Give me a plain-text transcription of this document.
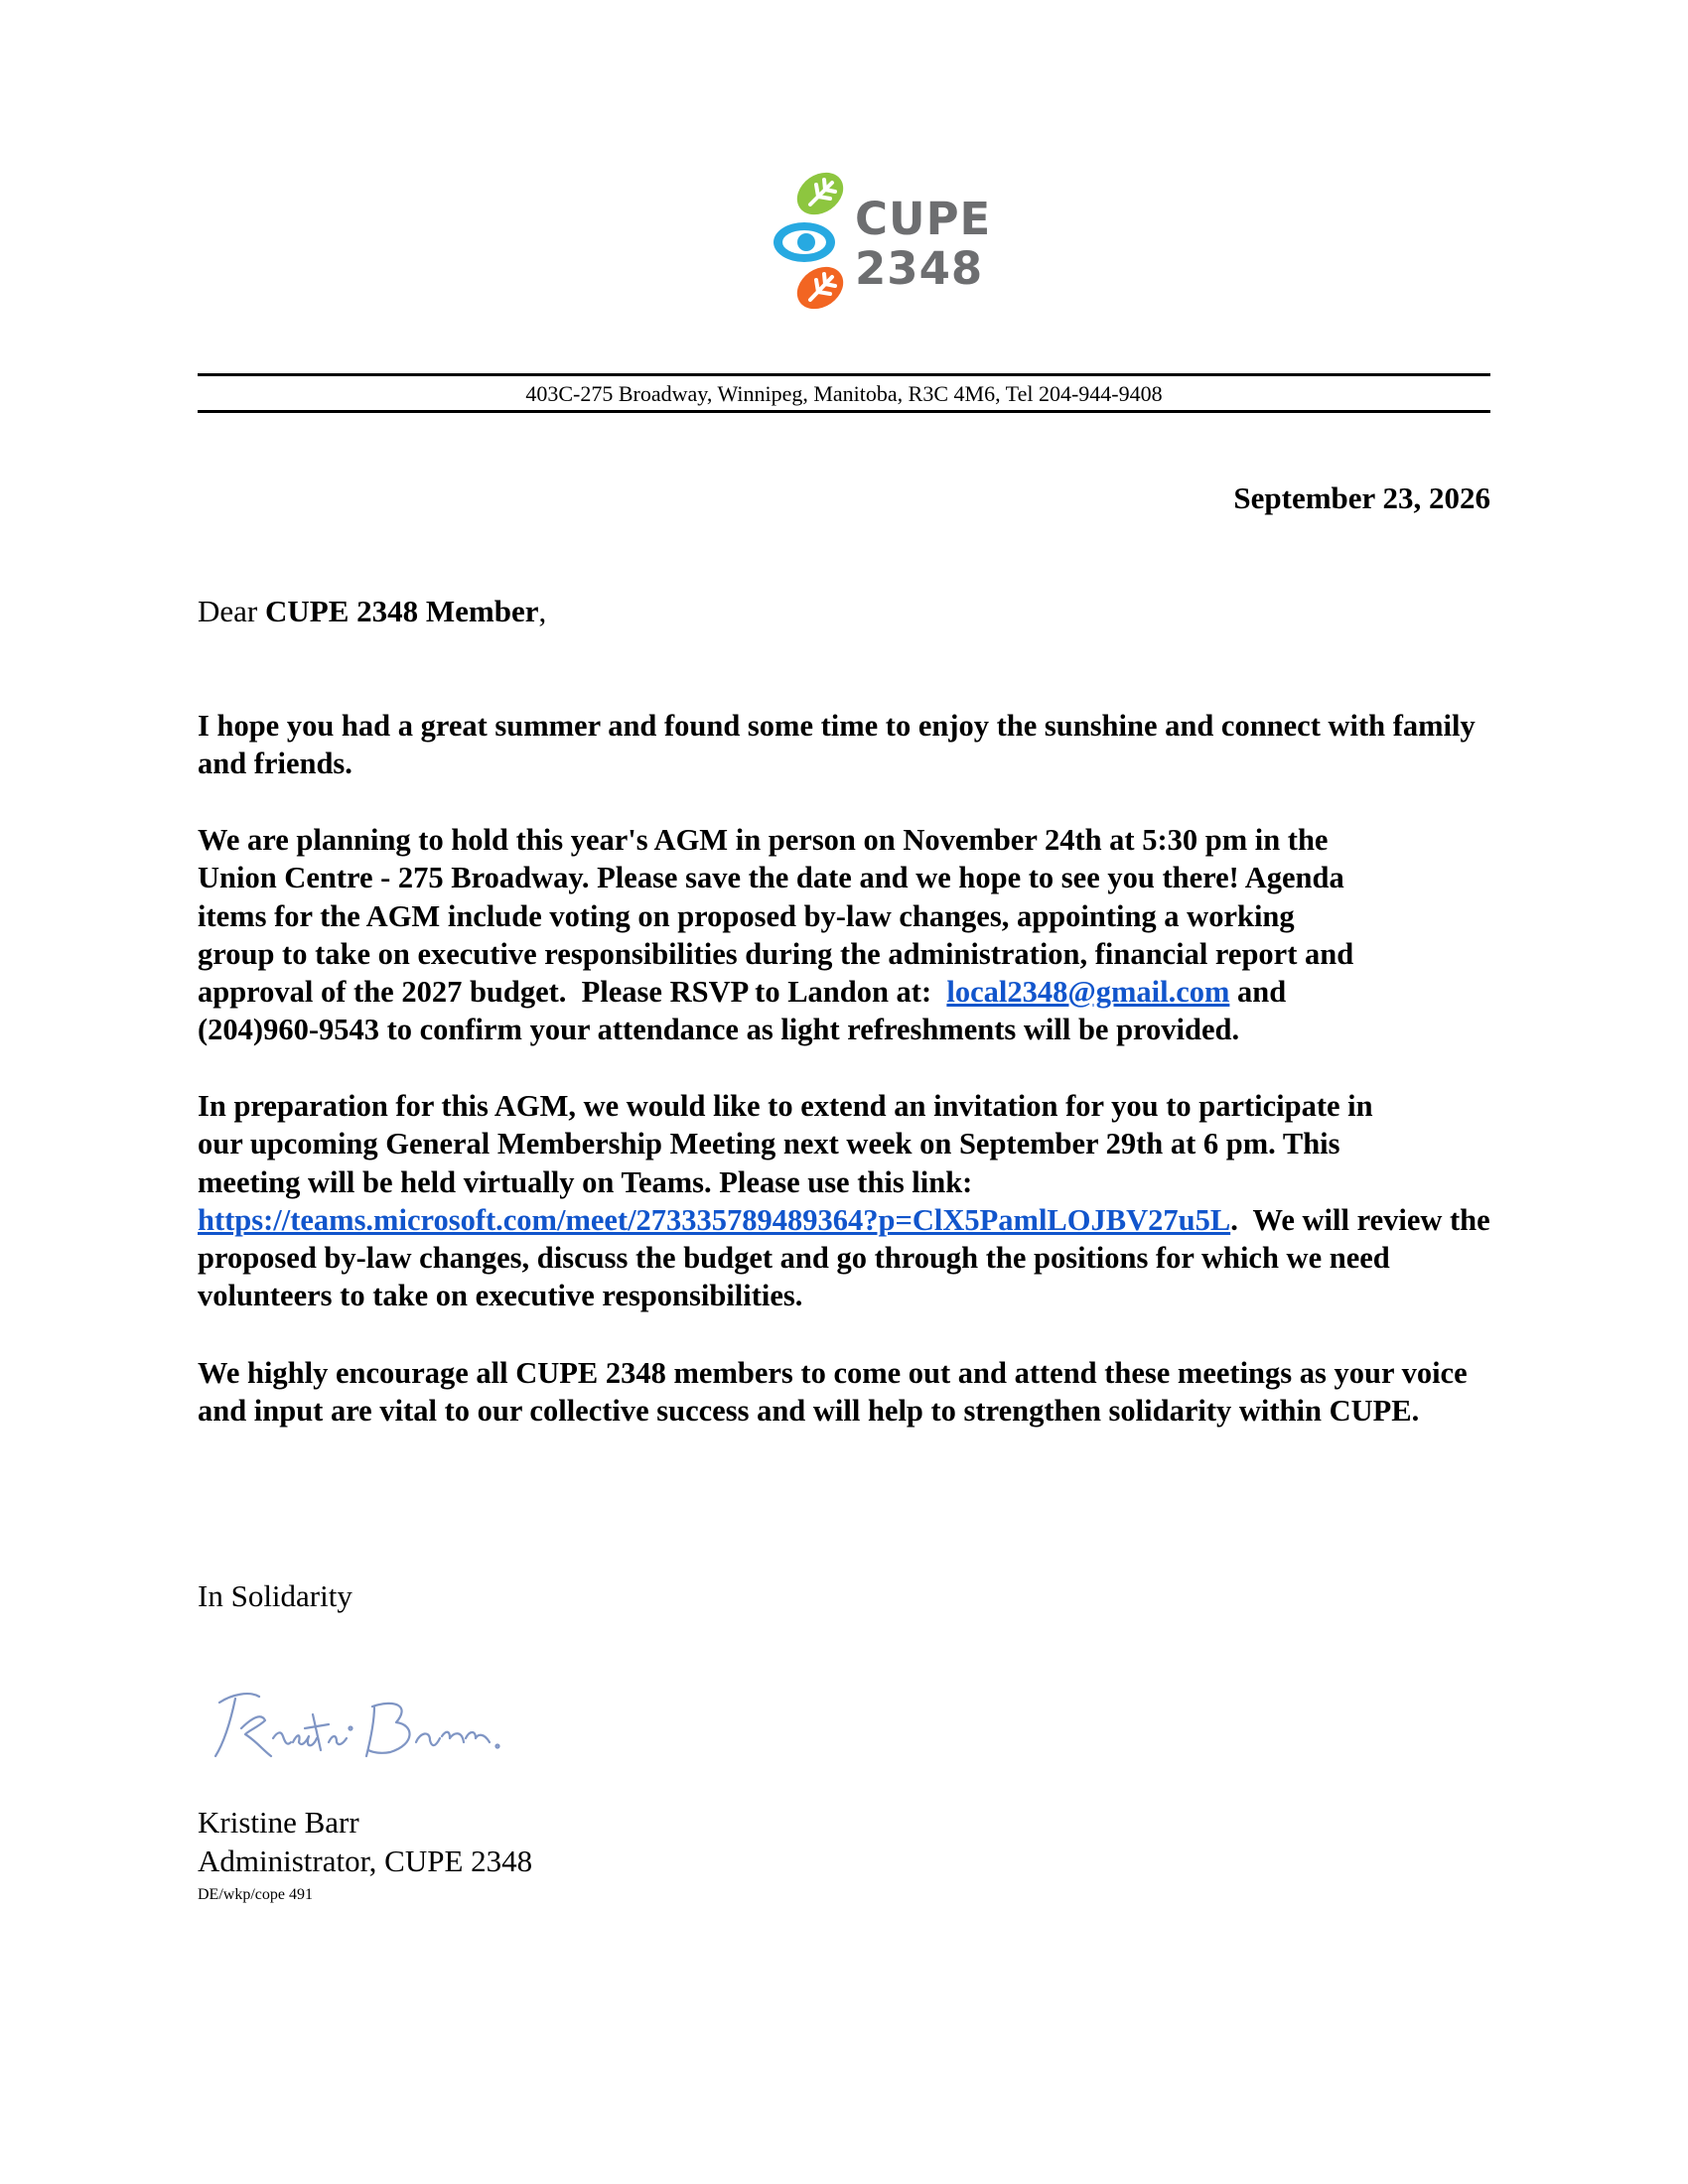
CUPE
2348
403C-275 Broadway, Winnipeg, Manitoba, R3C 4M6, Tel 204-944-9408
September 23, 2026
Dear CUPE 2348 Member,

I hope you had a great summer and found some time to enjoy the sunshine and connect with family and friends.

We are planning to hold this year's AGM in person on November 24th at 5:30 pm in the
Union Centre - 275 Broadway. Please save the date and we hope to see you there! Agenda
items for the AGM include voting on proposed by-law changes, appointing a working
group to take on executive responsibilities during the administration, financial report and
approval of the 2027 budget.  Please RSVP to Landon at:  local2348@gmail.com and
(204)960-9543 to confirm your attendance as light refreshments will be provided.

In preparation for this AGM, we would like to extend an invitation for you to participate in
our upcoming General Membership Meeting next week on September 29th at 6 pm. This
meeting will be held virtually on Teams. Please use this link:
https://teams.microsoft.com/meet/273335789489364?p=ClX5PamlLOJBV27u5L.  We will review the proposed by-law changes, discuss the budget and go through the positions for which we need volunteers to take on executive responsibilities.

We highly encourage all CUPE 2348 members to come out and attend these meetings as your voice and input are vital to our collective success and will help to strengthen solidarity within CUPE.

In Solidarity
Kristine Barr
Administrator, CUPE 2348
DE/wkp/cope 491
